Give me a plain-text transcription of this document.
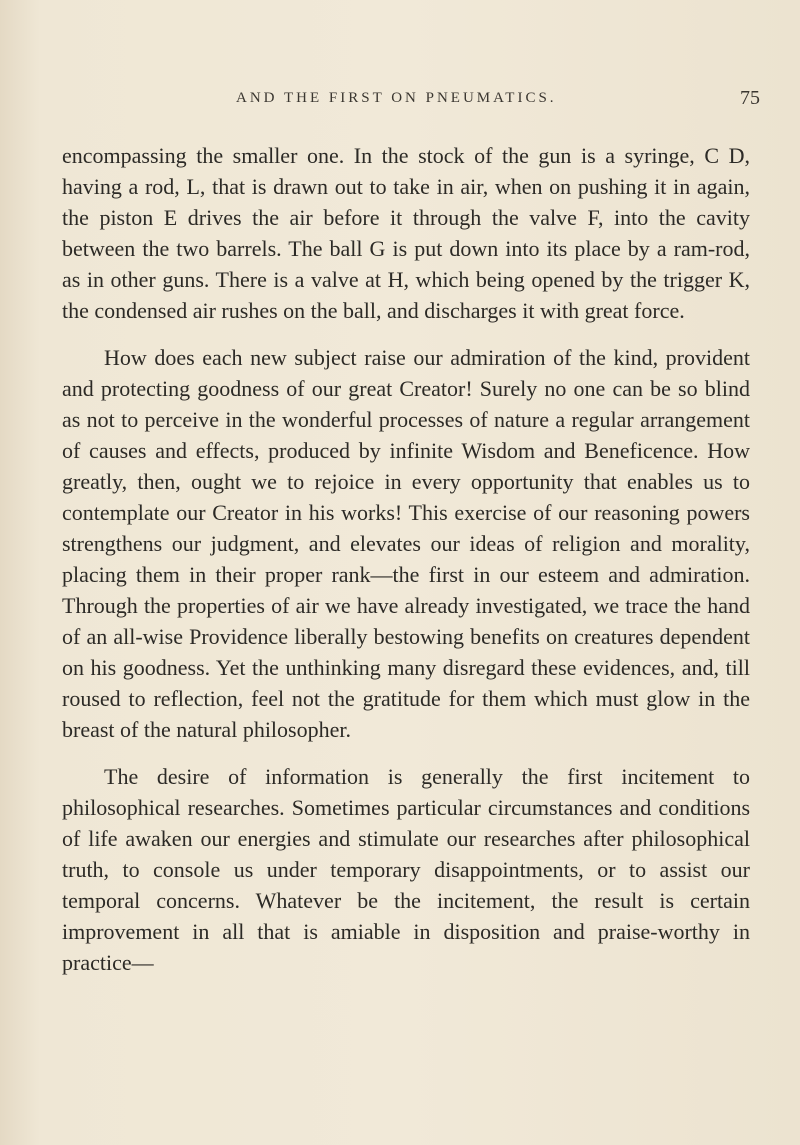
AND THE FIRST ON PNEUMATICS.	75

encompassing the smaller one. In the stock of the gun is a syringe, C D, having a rod, L, that is drawn out to take in air, when on pushing it in again, the piston E drives the air before it through the valve F, into the cavity between the two barrels. The ball G is put down into its place by a ram-rod, as in other guns. There is a valve at H, which being opened by the trigger K, the condensed air rushes on the ball, and discharges it with great force.

How does each new subject raise our admiration of the kind, provident and protecting goodness of our great Creator! Surely no one can be so blind as not to perceive in the wonderful processes of nature a regular arrangement of causes and effects, produced by infinite Wisdom and Beneficence. How greatly, then, ought we to rejoice in every opportunity that enables us to contemplate our Creator in his works! This exercise of our reasoning powers strengthens our judgment, and elevates our ideas of religion and morality, placing them in their proper rank—the first in our esteem and admiration. Through the properties of air we have already investigated, we trace the hand of an all-wise Providence liberally bestowing benefits on creatures dependent on his goodness. Yet the unthinking many disregard these evidences, and, till roused to reflection, feel not the gratitude for them which must glow in the breast of the natural philosopher.

The desire of information is generally the first incitement to philosophical researches. Sometimes particular circumstances and conditions of life awaken our energies and stimulate our researches after philosophical truth, to console us under temporary disappointments, or to assist our temporal concerns. Whatever be the incitement, the result is certain improvement in all that is amiable in disposition and praise-worthy in practice—
